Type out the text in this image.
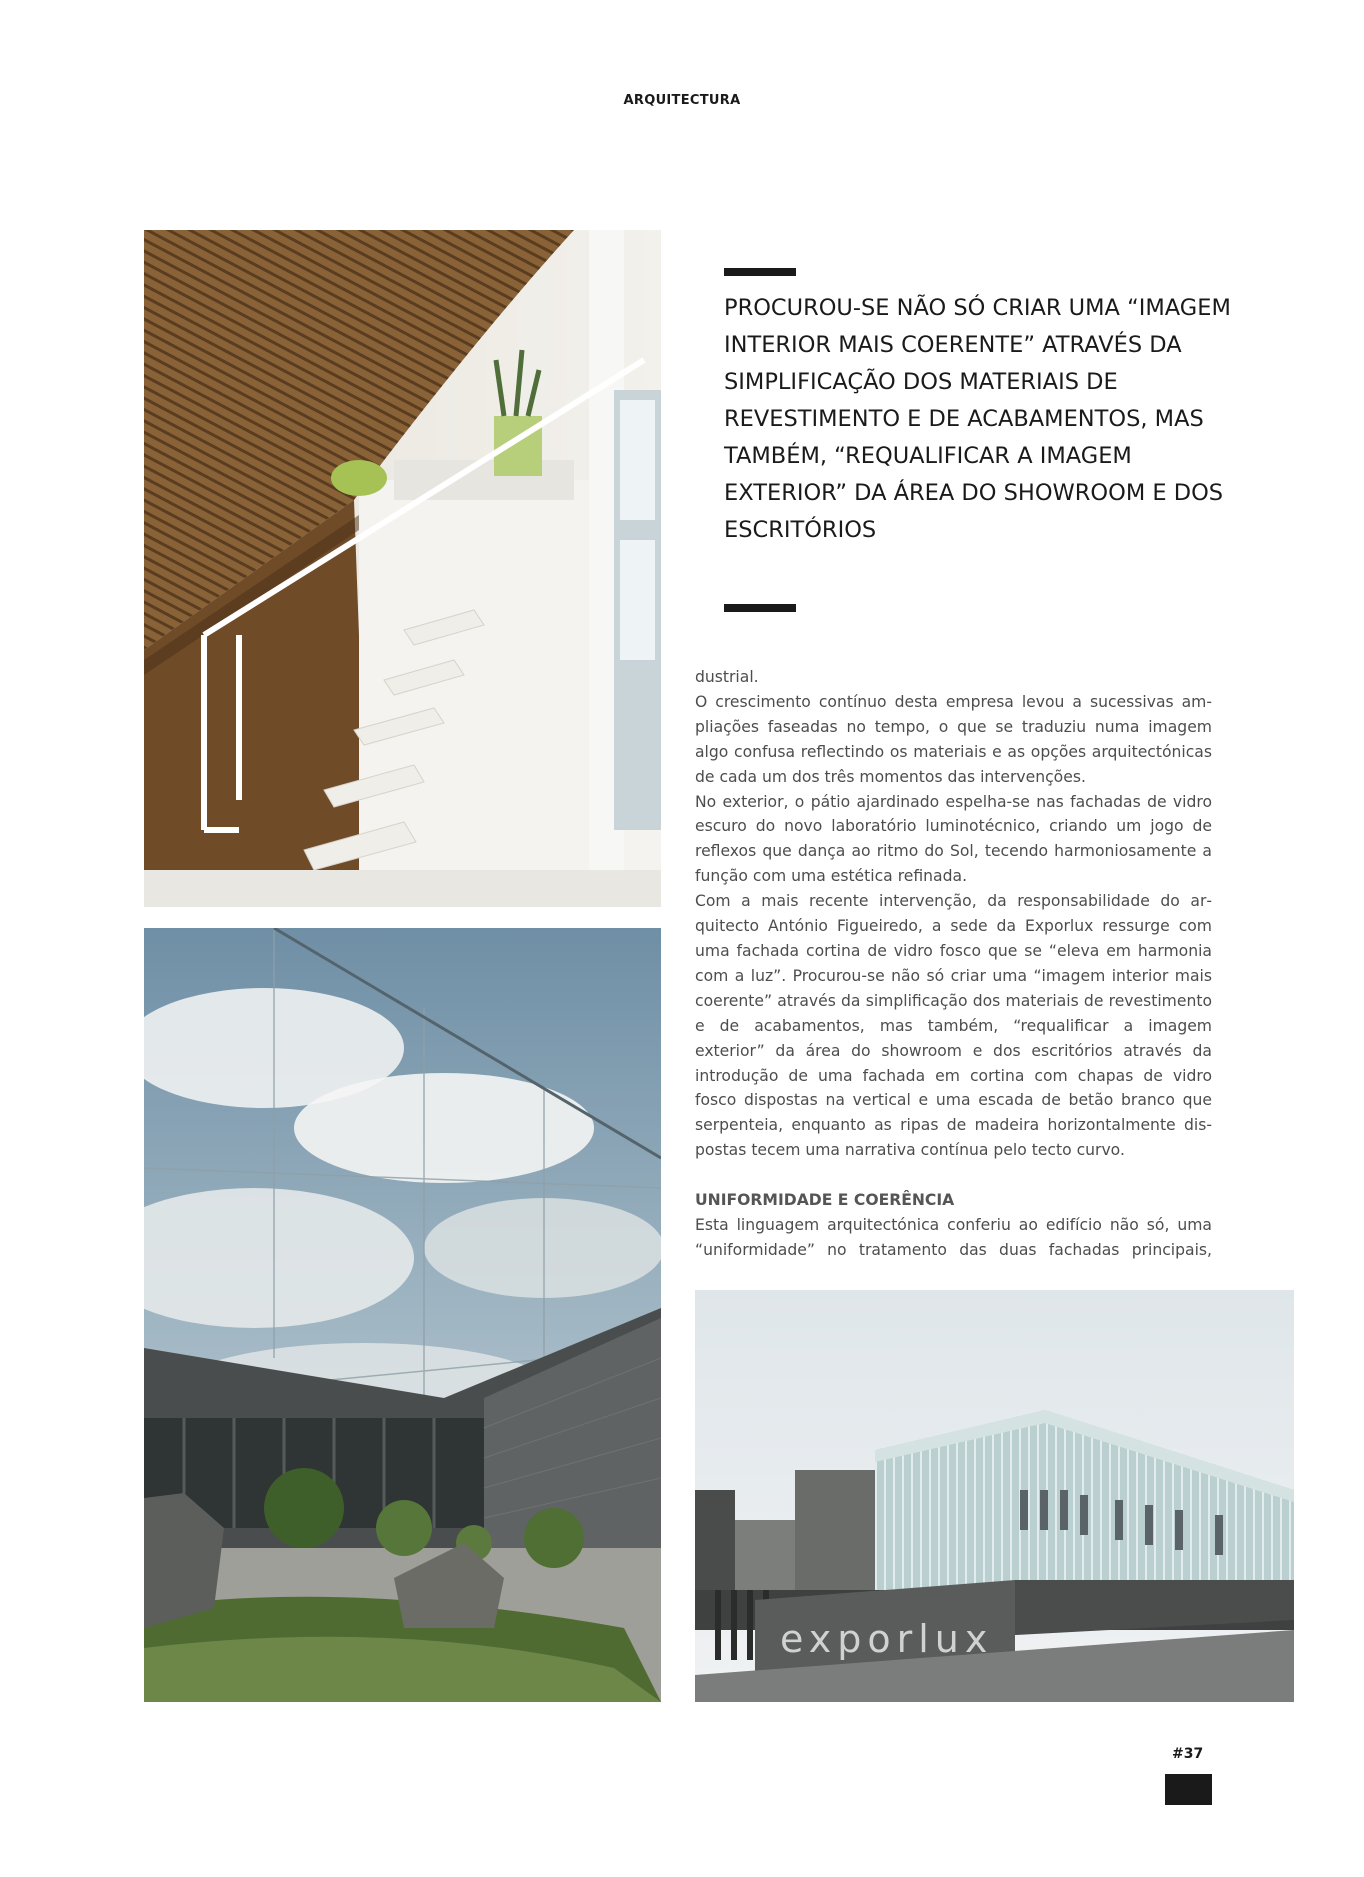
ARQUITECTURA
exporlux
PROCUROU-SE NÃO SÓ CRIAR UMA “IMAGEM INTERIOR MAIS COERENTE” ATRAVÉS DA SIMPLIFICAÇÃO DOS MATERIAIS DE REVESTIMENTO E DE ACABAMENTOS, MAS TAMBÉM, “REQUALIFICAR A IMAGEM EXTERIOR” DA ÁREA DO SHOWROOM E DOS ESCRITÓRIOS

dustrial.

O crescimento contínuo desta empresa levou a sucessivas ampliações faseadas no tempo, o que se traduziu numa imagem algo confusa reflectindo os materiais e as opções arquitectónicas de cada um dos três momentos das intervenções.

No exterior, o pátio ajardinado espelha-se nas fachadas de vidro escuro do novo laboratório luminotécnico, criando um jogo de reflexos que dança ao ritmo do Sol, tecendo harmoniosamente a função com uma estética refinada.

Com a mais recente intervenção, da responsabilidade do arquitecto António Figueiredo, a sede da Exporlux ressurge com uma fachada cortina de vidro fosco que se “eleva em harmonia com a luz”. Procurou-se não só criar uma “imagem interior mais coerente” através da simplificação dos materiais de revestimento e de acabamentos, mas também, “requalificar a imagem exterior” da área do showroom e dos escritórios através da introdução de uma fachada em cortina com chapas de vidro fosco dispostas na vertical e uma escada de betão branco que serpenteia, enquanto as ripas de madeira horizontalmente dispostas tecem uma narrativa contínua pelo tecto curvo.

UNIFORMIDADE E COERÊNCIA

Esta linguagem arquitectónica conferiu ao edifício não só, uma “uniformidade” no tratamento das duas fachadas principais,

#37
